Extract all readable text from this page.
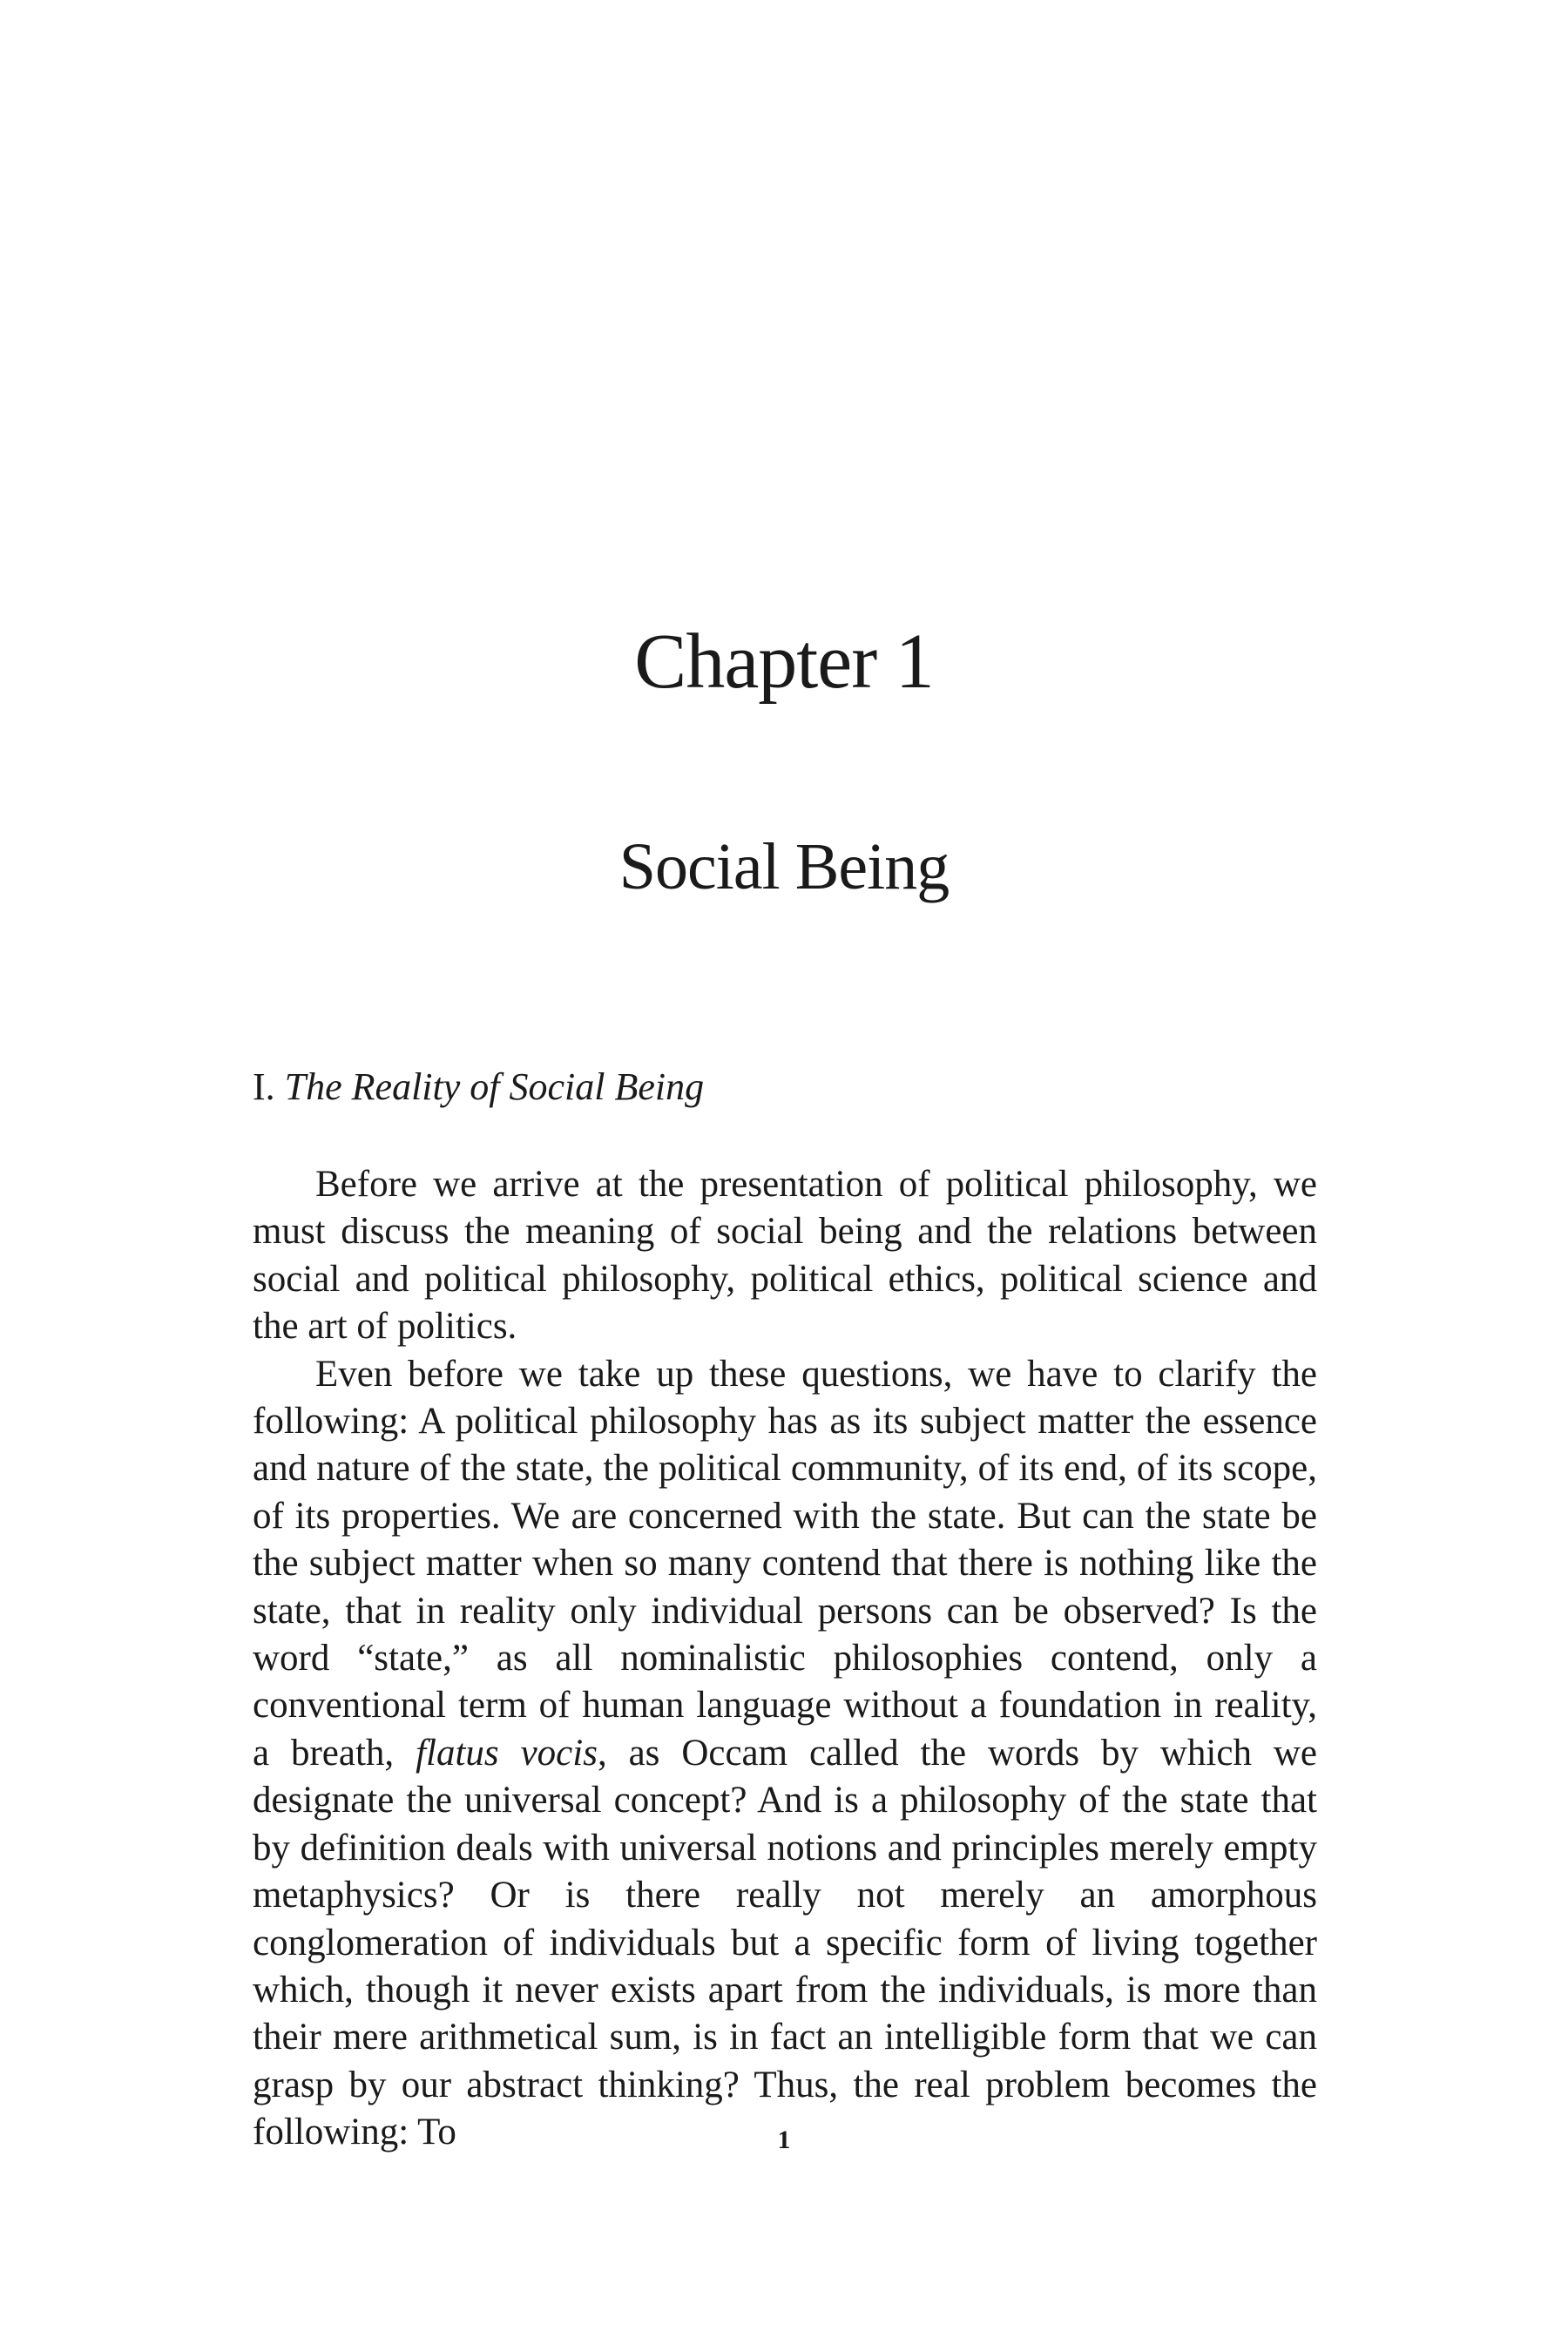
Chapter 1
Social Being
I. The Reality of Social Being

Before we arrive at the presentation of political philosophy, we must discuss the meaning of social being and the relations between social and political philosophy, political ethics, political science and the art of politics.

Even before we take up these questions, we have to clarify the following: A political philosophy has as its subject matter the essence and nature of the state, the political community, of its end, of its scope, of its properties. We are concerned with the state. But can the state be the subject matter when so many contend that there is nothing like the state, that in reality only individual persons can be observed? Is the word “state,” as all nominalistic philosophies contend, only a conventional term of human language without a foundation in reality, a breath, flatus vocis, as Occam called the words by which we designate the universal concept? And is a philosophy of the state that by definition deals with universal notions and principles merely empty metaphysics? Or is there really not merely an amorphous conglomeration of individuals but a specific form of living together which, though it never exists apart from the individuals, is more than their mere arithmetical sum, is in fact an intelligible form that we can grasp by our abstract thinking? Thus, the real problem becomes the following: To	1
